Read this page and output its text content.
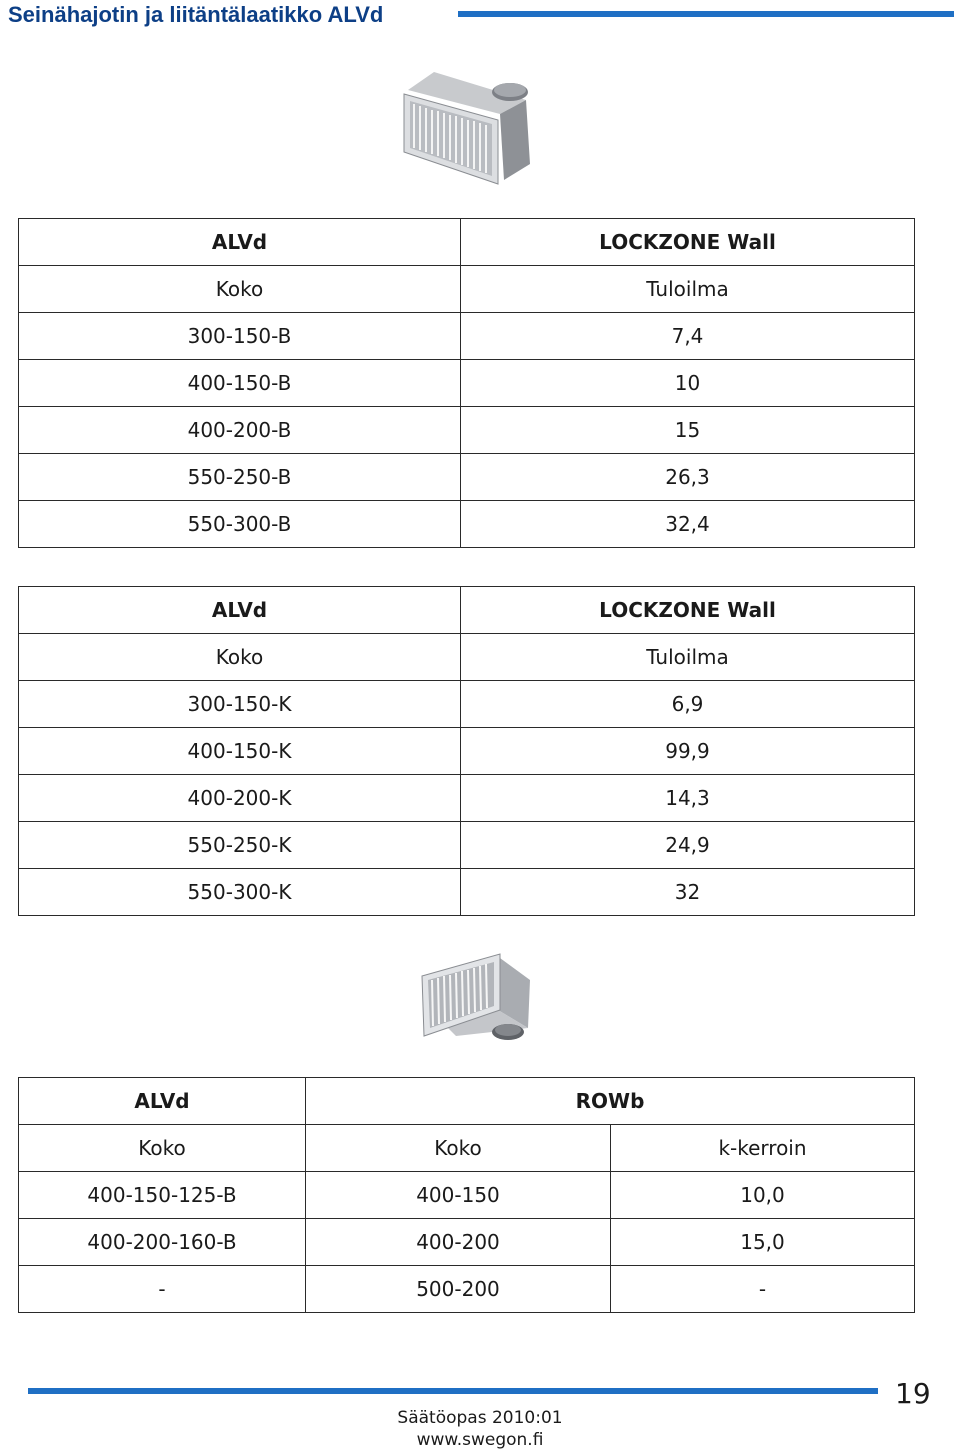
Seinähajotin ja liitäntälaatikko ALVd
ALVd	LOCKZONE Wall
Koko	Tuloilma
300-150-B	7,4
400-150-B	10
400-200-B	15
550-250-B	26,3
550-300-B	32,4
ALVd	LOCKZONE Wall
Koko	Tuloilma
300-150-K	6,9
400-150-K	99,9
400-200-K	14,3
550-250-K	24,9
550-300-K	32
ALVd	ROWb	
Koko	Koko	k-kerroin
400-150-125-B	400-150	10,0
400-200-160-B	400-200	15,0
-	500-200	-
19
Säätöopas 2010:01
www.swegon.fi
